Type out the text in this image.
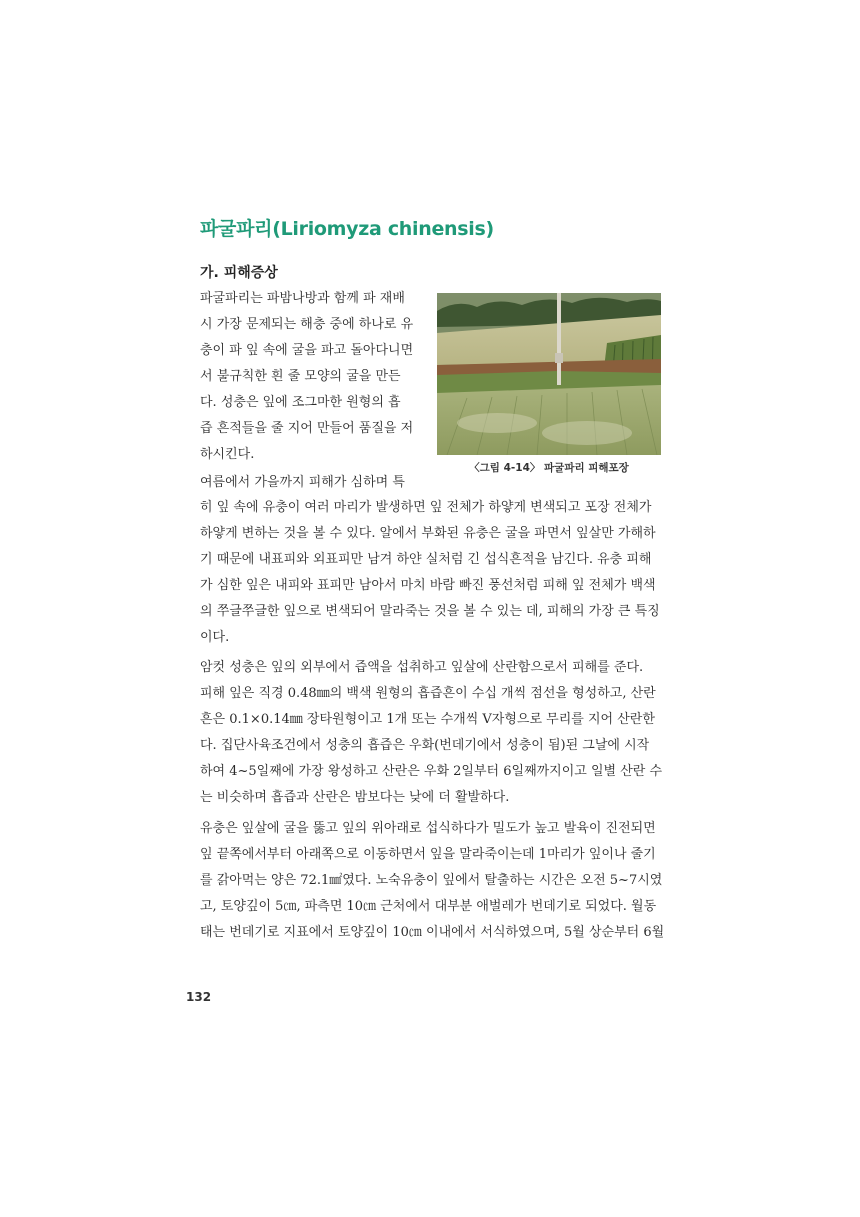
파굴파리(Liriomyza chinensis)
가. 피해증상
파굴파리는 파밤나방과 함께 파 재배
시 가장 문제되는 해충 중에 하나로 유
충이 파 잎 속에 굴을 파고 돌아다니면
서 불규칙한 흰 줄 모양의 굴을 만든
다. 성충은 잎에 조그마한 원형의 흡
즙 흔적들을 줄 지어 만들어 품질을 저
하시킨다.
여름에서 가을까지 피해가 심하며 특
히 잎 속에 유충이 여러 마리가 발생하면 잎 전체가 하얗게 변색되고 포장 전체가
하얗게 변하는 것을 볼 수 있다. 알에서 부화된 유충은 굴을 파면서 잎살만 가해하
기 때문에 내표피와 외표피만 남겨 하얀 실처럼 긴 섭식흔적을 남긴다. 유충 피해
가 심한 잎은 내피와 표피만 남아서 마치 바람 빠진 풍선처럼 피해 잎 전체가 백색
의 쭈글쭈글한 잎으로 변색되어 말라죽는 것을 볼 수 있는 데, 피해의 가장 큰 특징
이다.
〈그림 4-14〉 파굴파리 피해포장
암컷 성충은 잎의 외부에서 즙액을 섭취하고 잎살에 산란함으로서 피해를 준다.
피해 잎은 직경 0.48㎜의 백색 원형의 흡즙흔이 수십 개씩 점선을 형성하고, 산란
흔은 0.1×0.14㎜ 장타원형이고 1개 또는 수개씩 V자형으로 무리를 지어 산란한
다. 집단사육조건에서 성충의 흡즙은 우화(번데기에서 성충이 됨)된 그날에 시작
하여 4~5일째에 가장 왕성하고 산란은 우화 2일부터 6일째까지이고 일별 산란 수
는 비슷하며 흡즙과 산란은 밤보다는 낮에 더 활발하다.
유충은 잎살에 굴을 뚫고 잎의 위아래로 섭식하다가 밀도가 높고 발육이 진전되면
잎 끝쪽에서부터 아래쪽으로 이동하면서 잎을 말라죽이는데 1마리가 잎이나 줄기
를 갉아먹는 양은 72.1㎟였다. 노숙유충이 잎에서 탈출하는 시간은 오전 5~7시였
고, 토양깊이 5㎝, 파측면 10㎝ 근처에서 대부분 애벌레가 번데기로 되었다. 월동
태는 번데기로 지표에서 토양깊이 10㎝ 이내에서 서식하였으며, 5월 상순부터 6월
132
